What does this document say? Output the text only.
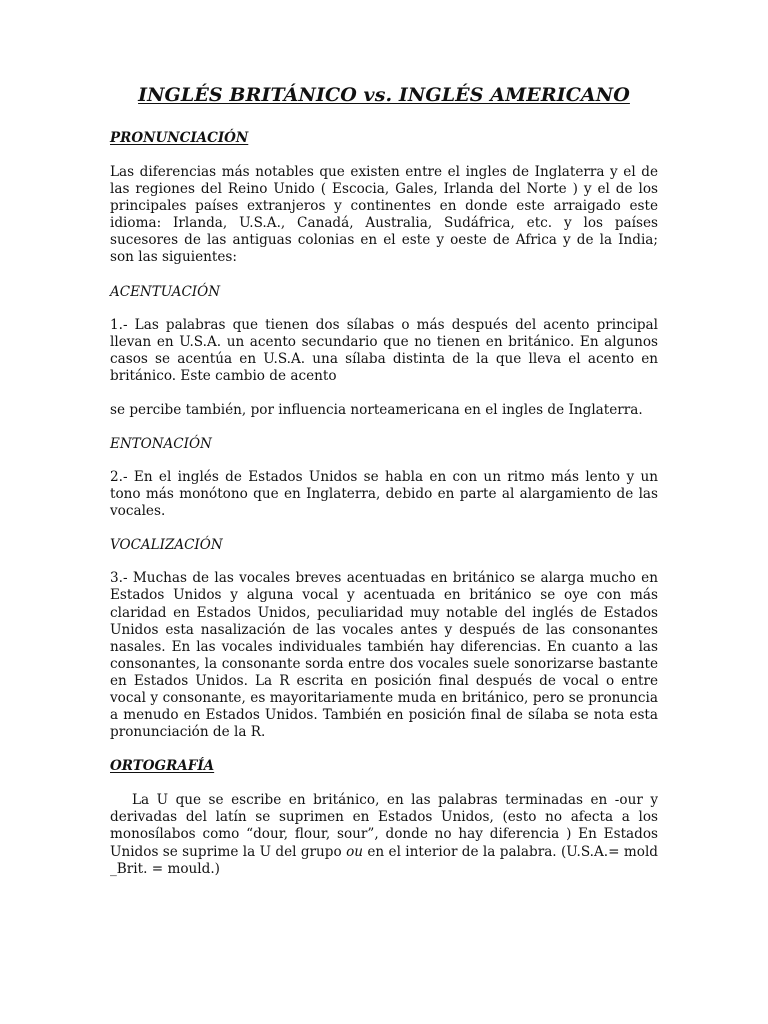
INGLÉS BRITÁNICO vs. INGLÉS AMERICANO
PRONUNCIACIÓN

Las diferencias más notables que existen entre el ingles de Inglaterra y el de las regiones del Reino Unido ( Escocia, Gales, Irlanda del Norte ) y el de los principales países extranjeros y continentes en donde este arraigado este idioma: Irlanda, U.S.A., Canadá, Australia, Sudáfrica, etc. y los países sucesores de las antiguas colonias en el este y oeste de Africa y de la India; son las siguientes:

ACENTUACIÓN

1.- Las palabras que tienen dos sílabas o más después del acento principal llevan en U.S.A. un acento secundario que no tienen en británico. En algunos casos se acentúa en U.S.A. una sílaba distinta de la que lleva el acento en británico. Este cambio de acento

se percibe también, por influencia norteamericana en el ingles de Inglaterra.

ENTONACIÓN

2.- En el inglés de Estados Unidos se habla en con un ritmo más lento y un tono más monótono que en Inglaterra, debido en parte al alargamiento de las vocales.

VOCALIZACIÓN

3.- Muchas de las vocales breves acentuadas en británico se alarga mucho en Estados Unidos y alguna vocal y acentuada en británico se oye con más claridad en Estados Unidos, peculiaridad muy notable del inglés de Estados Unidos esta nasalización de las vocales antes y después de las consonantes nasales. En las vocales individuales también hay diferencias. En cuanto a las consonantes, la consonante sorda entre dos vocales suele sonorizarse bastante en Estados Unidos. La R escrita en posición final después de vocal o entre vocal y consonante, es mayoritariamente muda en británico, pero se pronuncia a menudo en Estados Unidos. También en posición final de sílaba se nota esta pronunciación de la R.

ORTOGRAFÍA

La U que se escribe en británico, en las palabras terminadas en -our y derivadas del latín se suprimen en Estados Unidos, (esto no afecta a los monosílabos como “dour, flour, sour”, donde no hay diferencia ) En Estados Unidos se suprime la U del grupo ou en el interior de la palabra. (U.S.A.= mold _Brit. = mould.)
